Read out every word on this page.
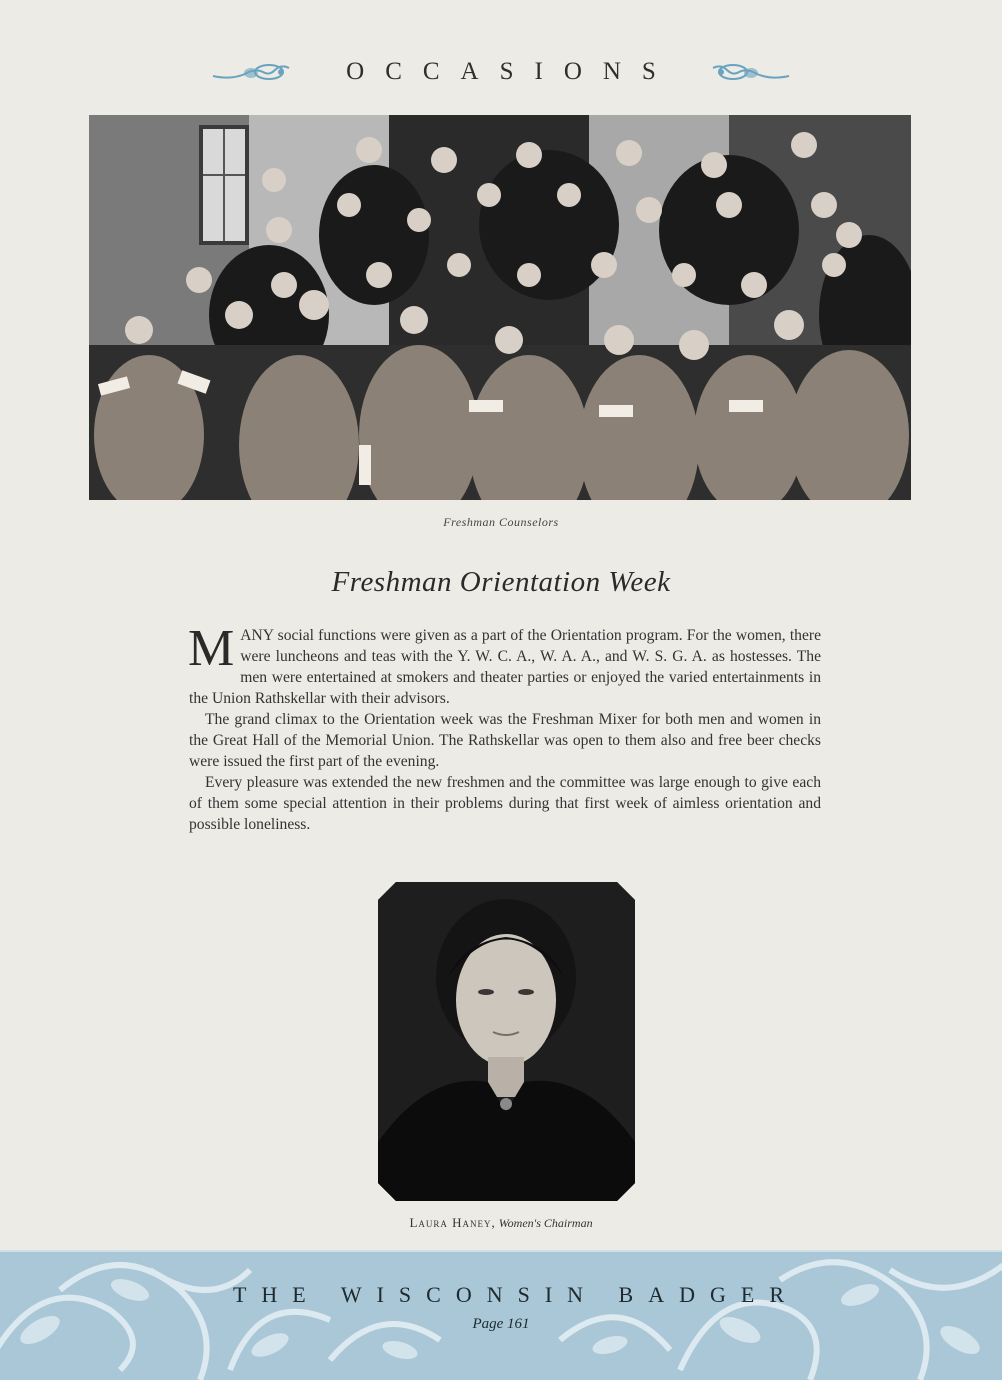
OCCASIONS
Freshman Counselors
Freshman Orientation Week

MANY social functions were given as a part of the Orientation program. For the women, there were luncheons and teas with the Y. W. C. A., W. A. A., and W. S. G. A. as hostesses. The men were entertained at smokers and theater parties or enjoyed the varied entertainments in the Union Rathskellar with their advisors.

The grand climax to the Orientation week was the Freshman Mixer for both men and women in the Great Hall of the Memorial Union. The Rathskellar was open to them also and free beer checks were issued the first part of the evening.

Every pleasure was extended the new freshmen and the committee was large enough to give each of them some special attention in their problems during that first week of aimless orientation and possible loneliness.

Laura Haney, Women's Chairman
THE WISCONSIN BADGER
Page 161
